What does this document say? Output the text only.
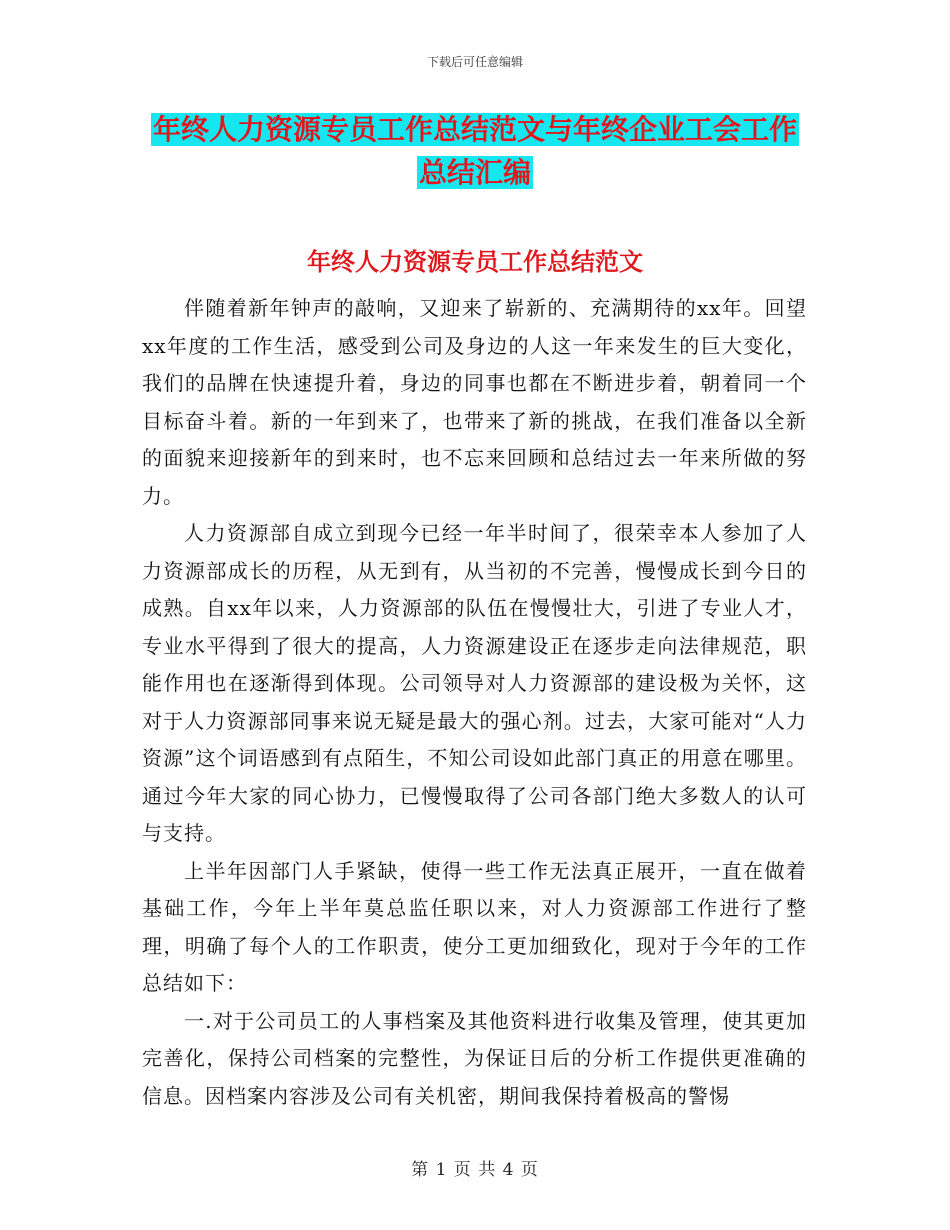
下载后可任意编辑
年终人力资源专员工作总结范文与年终企业工会工作
总结汇编
年终人力资源专员工作总结范文

伴随着新年钟声的敲响，又迎来了崭新的、充满期待的xx年。回望xx年度的工作生活，感受到公司及身边的人这一年来发生的巨大变化，我们的品牌在快速提升着，身边的同事也都在不断进步着，朝着同一个目标奋斗着。新的一年到来了，也带来了新的挑战，在我们准备以全新的面貌来迎接新年的到来时，也不忘来回顾和总结过去一年来所做的努力。

人力资源部自成立到现今已经一年半时间了，很荣幸本人参加了人力资源部成长的历程，从无到有，从当初的不完善，慢慢成长到今日的成熟。自xx年以来，人力资源部的队伍在慢慢壮大，引进了专业人才，专业水平得到了很大的提高，人力资源建设正在逐步走向法律规范，职能作用也在逐渐得到体现。公司领导对人力资源部的建设极为关怀，这对于人力资源部同事来说无疑是最大的强心剂。过去，大家可能对“人力资源”这个词语感到有点陌生，不知公司设如此部门真正的用意在哪里。通过今年大家的同心协力，已慢慢取得了公司各部门绝大多数人的认可与支持。

上半年因部门人手紧缺，使得一些工作无法真正展开，一直在做着基础工作，今年上半年莫总监任职以来，对人力资源部工作进行了整理，明确了每个人的工作职责，使分工更加细致化，现对于今年的工作总结如下：

一.对于公司员工的人事档案及其他资料进行收集及管理，使其更加完善化，保持公司档案的完整性，为保证日后的分析工作提供更准确的信息。因档案内容涉及公司有关机密，期间我保持着极高的警惕

第 1 页 共 4 页
